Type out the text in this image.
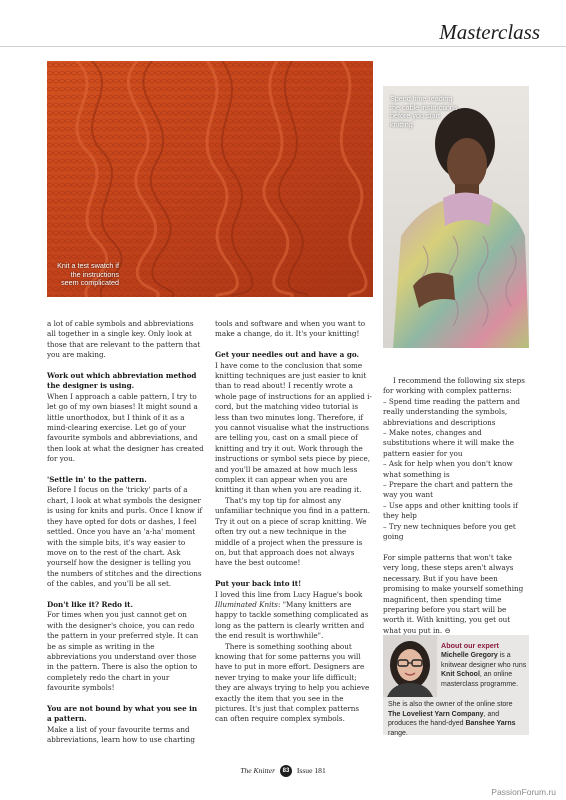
Masterclass
Knit a test swatch if the instructions seem complicated
Spend time reading the cable instructions before you start knitting

a lot of cable symbols and abbreviations all together in a single key. Only look at those that are relevant to the pattern that you are making.

Work out which abbreviation method the designer is using.

When I approach a cable pattern, I try to let go of my own biases! It might sound a little unorthodox, but I think of it as a mind-clearing exercise. Let go of your favourite symbols and abbreviations, and then look at what the designer has created for you.

'Settle in' to the pattern.

Before I focus on the 'tricky' parts of a chart, I look at what symbols the designer is using for knits and purls. Once I know if they have opted for dots or dashes, I feel settled. Once you have an 'a-ha' moment with the simple bits, it's way easier to move on to the rest of the chart. Ask yourself how the designer is telling you the numbers of stitches and the directions of the cables, and you'll be all set.

Don't like it? Redo it.

For times when you just cannot get on with the designer's choice, you can redo the pattern in your preferred style. It can be as simple as writing in the abbreviations you understand over those in the pattern. There is also the option to completely redo the chart in your favourite symbols!

You are not bound by what you see in a pattern.

Make a list of your favourite terms and abbreviations, learn how to use charting

tools and software and when you want to make a change, do it. It's your knitting!

Get your needles out and have a go.

I have come to the conclusion that some knitting techniques are just easier to knit than to read about! I recently wrote a whole page of instructions for an applied i-cord, but the matching video tutorial is less than two minutes long. Therefore, if you cannot visualise what the instructions are telling you, cast on a small piece of knitting and try it out. Work through the instructions or symbol sets piece by piece, and you'll be amazed at how much less complex it can appear when you are knitting it than when you are reading it.

That's my top tip for almost any unfamiliar technique you find in a pattern. Try it out on a piece of scrap knitting. We often try out a new technique in the middle of a project when the pressure is on, but that approach does not always have the best outcome!

Put your back into it!

I loved this line from Lucy Hague's book Illuminated Knits: "Many knitters are happy to tackle something complicated as long as the pattern is clearly written and the end result is worthwhile".

There is something soothing about knowing that for some patterns you will have to put in more effort. Designers are never trying to make your life difficult; they are always trying to help you achieve exactly the item that you see in the pictures. It's just that complex patterns can often require complex symbols.

I recommend the following six steps for working with complex patterns:

– Spend time reading the pattern and really understanding the symbols, abbreviations and descriptions
– Make notes, changes and substitutions where it will make the pattern easier for you
– Ask for help when you don't know what something is
– Prepare the chart and pattern the way you want
– Use apps and other knitting tools if they help
– Try new techniques before you get going

For simple patterns that won't take very long, these steps aren't always necessary. But if you have been promising to make yourself something magnificent, then spending time preparing before you start will be worth it. With knitting, you get out what you put in. ⊖

About our expert
Michelle Gregory is a knitwear designer who runs Knit School, an online masterclass programme.
She is also the owner of the online store The Loveliest Yarn Company, and produces the hand-dyed Banshee Yarns range.
The Knitter 83 Issue 181
PassionForum.ru
